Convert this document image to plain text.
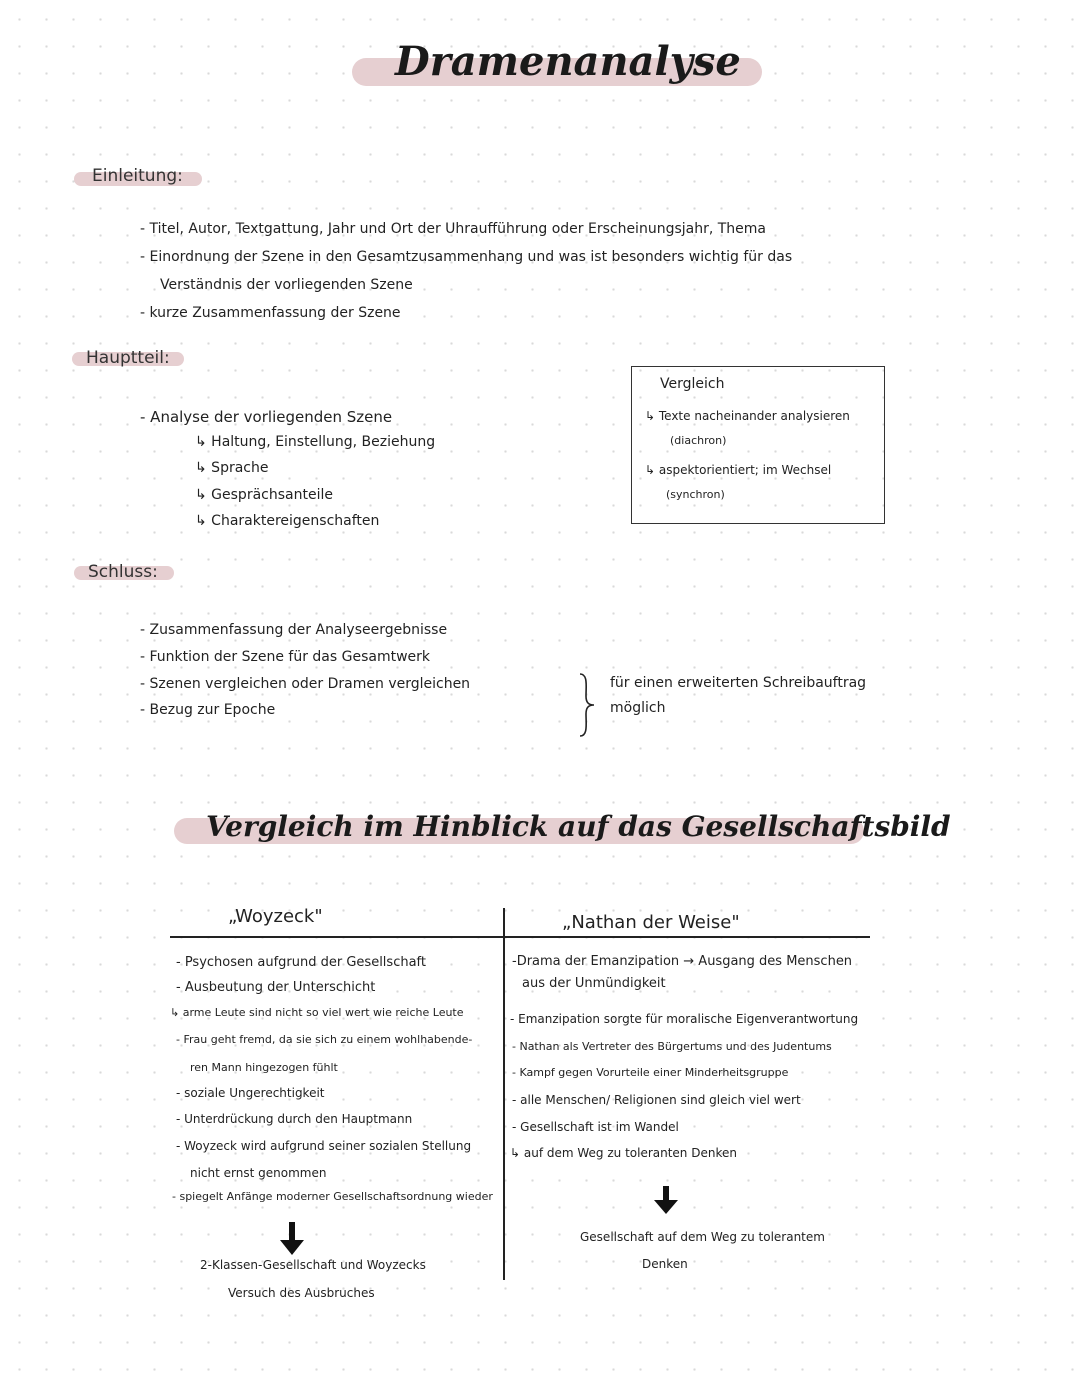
Dramenanalyse
Einleitung:
- Titel, Autor, Textgattung, Jahr und Ort der Uhraufführung oder Erscheinungsjahr, Thema
- Einordnung der Szene in den Gesamtzusammenhang und was ist besonders wichtig für das
Verständnis der vorliegenden Szene
- kurze Zusammenfassung der Szene
Hauptteil:
- Analyse der vorliegenden Szene
↳ Haltung, Einstellung, Beziehung
↳ Sprache
↳ Gesprächsanteile
↳ Charaktereigenschaften
Vergleich
↳ Texte nacheinander analysieren
(diachron)
↳ aspektorientiert; im Wechsel
(synchron)
Schluss:
- Zusammenfassung der Analyseergebnisse
- Funktion der Szene für das Gesamtwerk
- Szenen vergleichen oder Dramen vergleichen
- Bezug zur Epoche
für einen erweiterten Schreibauftrag
möglich
Vergleich im Hinblick auf das Gesellschaftsbild
„Woyzeck"
- Psychosen aufgrund der Gesellschaft
- Ausbeutung der Unterschicht
↳ arme Leute sind nicht so viel wert wie reiche Leute
- Frau geht fremd, da sie sich zu einem wohlhabende-
ren Mann hingezogen fühlt
- soziale Ungerechtigkeit
- Unterdrückung durch den Hauptmann
- Woyzeck wird aufgrund seiner sozialen Stellung
nicht ernst genommen
- spiegelt Anfänge moderner Gesellschaftsordnung wieder
2-Klassen-Gesellschaft und Woyzecks
Versuch des Ausbruches
„Nathan der Weise"
-Drama der Emanzipation → Ausgang des Menschen
aus der Unmündigkeit
- Emanzipation sorgte für moralische Eigenverantwortung
- Nathan als Vertreter des Bürgertums und des Judentums
- Kampf gegen Vorurteile einer Minderheitsgruppe
- alle Menschen/ Religionen sind gleich viel wert
- Gesellschaft ist im Wandel
↳ auf dem Weg zu toleranten Denken
Gesellschaft auf dem Weg zu tolerantem
Denken
